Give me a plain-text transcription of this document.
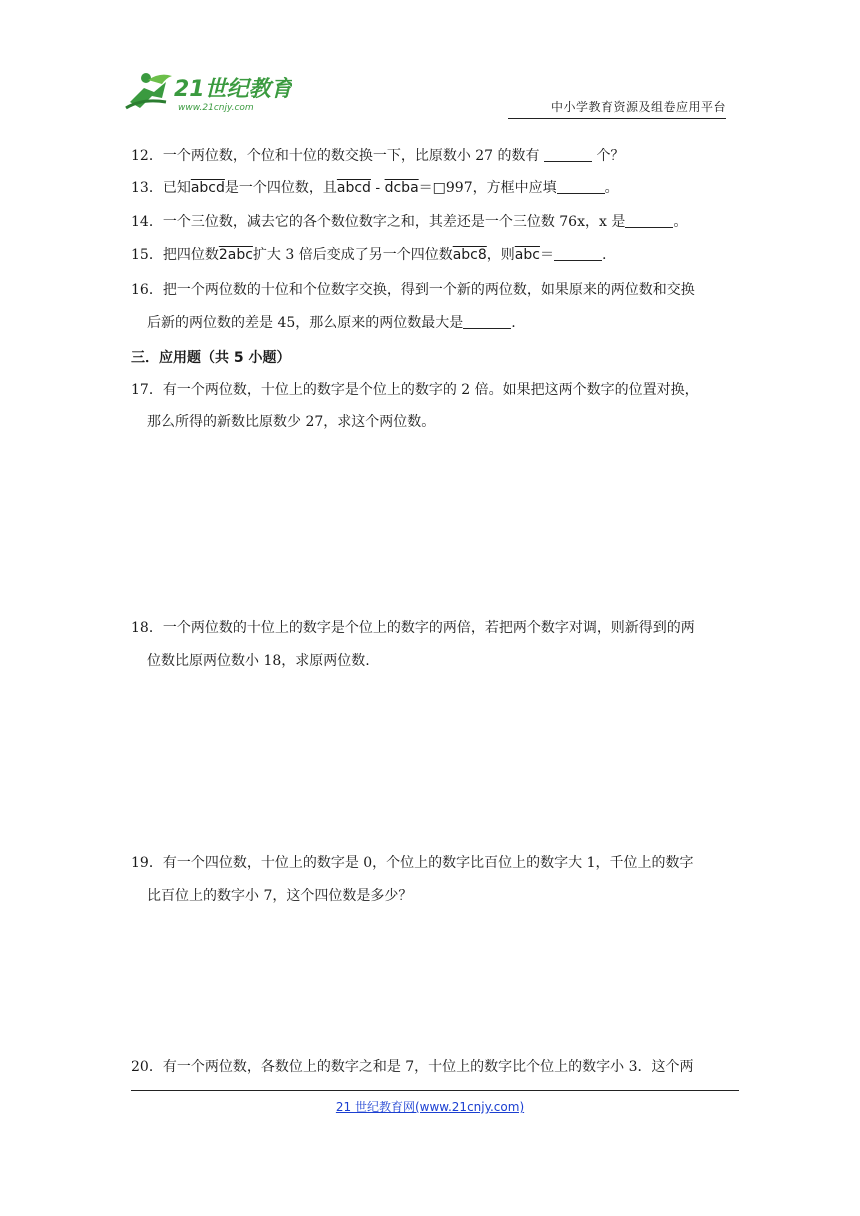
21世纪教育
www.21cnjy.com	中小学教育资源及组卷应用平台
12．一个两位数，个位和十位的数交换一下，比原数小 27 的数有	个？
13．已知abcd是一个四位数，且abcd - dcba＝□997，方框中应填	。
14．一个三位数，减去它的各个数位数字之和，其差还是一个三位数 76x，x 是	。
15．把四位数2abc扩大 3 倍后变成了另一个四位数abc8，则$\overline{abc}=$	.
16．把一个两位数的十位和个位数字交换，得到一个新的两位数，如果原来的两位数和交换
后新的两位数的差是 45，那么原来的两位数最大是	.
三．应用题（共 5 小题）
17．有一个两位数，十位上的数字是个位上的数字的 2 倍。如果把这两个数字的位置对换，
那么所得的新数比原数少 27，求这个两位数。
18．一个两位数的十位上的数字是个位上的数字的两倍，若把两个数字对调，则新得到的两
位数比原两位数小 18，求原两位数.
19．有一个四位数，十位上的数字是 0，个位上的数字比百位上的数字大 1，千位上的数字
比百位上的数字小 7，这个四位数是多少？
20．有一个两位数，各数位上的数字之和是 7，十位上的数字比个位上的数字小 3．这个两
21 世纪教育网(www.21cnjy.com)
